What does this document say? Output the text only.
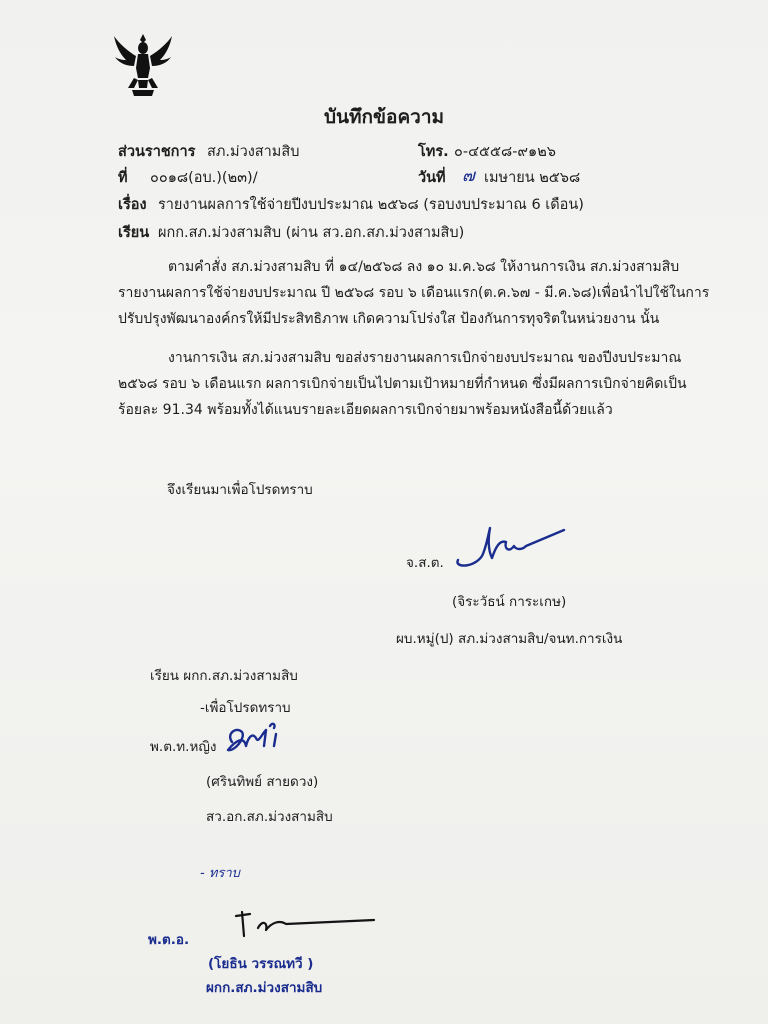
บันทึกข้อความ
ส่วนราชการ สภ.ม่วงสามสิบ	โทร. ๐-๔๕๕๘-๙๑๒๖
ที่ ๐๐๑๘(อบ.)(๒๓)/	วันที่ ๗ เมษายน ๒๕๖๘
เรื่อง รายงานผลการใช้จ่ายปีงบประมาณ ๒๕๖๘ (รอบงบประมาณ 6 เดือน)
เรียน ผกก.สภ.ม่วงสามสิบ (ผ่าน สว.อก.สภ.ม่วงสามสิบ)
ตามคำสั่ง สภ.ม่วงสามสิบ ที่ ๑๔/๒๕๖๘ ลง ๑๐ ม.ค.๖๘ ให้งานการเงิน สภ.ม่วงสามสิบ
รายงานผลการใช้จ่ายงบประมาณ ปี ๒๕๖๘ รอบ ๖ เดือนแรก(ต.ค.๖๗ - มี.ค.๖๘)เพื่อนำไปใช้ในการ
ปรับปรุงพัฒนาองค์กรให้มีประสิทธิภาพ เกิดความโปร่งใส ป้องกันการทุจริตในหน่วยงาน นั้น
งานการเงิน สภ.ม่วงสามสิบ ขอส่งรายงานผลการเบิกจ่ายงบประมาณ ของปีงบประมาณ
๒๕๖๘ รอบ ๖ เดือนแรก ผลการเบิกจ่ายเป็นไปตามเป้าหมายที่กำหนด ซึ่งมีผลการเบิกจ่ายคิดเป็น
ร้อยละ 91.34 พร้อมทั้งได้แนบรายละเอียดผลการเบิกจ่ายมาพร้อมหนังสือนี้ด้วยแล้ว
จึงเรียนมาเพื่อโปรดทราบ
จ.ส.ต.
(จิระวัธน์ การะเกษ)
ผบ.หมู่(ป) สภ.ม่วงสามสิบ/จนท.การเงิน
เรียน ผกก.สภ.ม่วงสามสิบ
-เพื่อโปรดทราบ
พ.ต.ท.หญิง
(ศรินทิพย์ สายดวง)
สว.อก.สภ.ม่วงสามสิบ
- ทราบ
พ.ต.อ.
(โยธิน วรรณทวี )
ผกก.สภ.ม่วงสามสิบ
